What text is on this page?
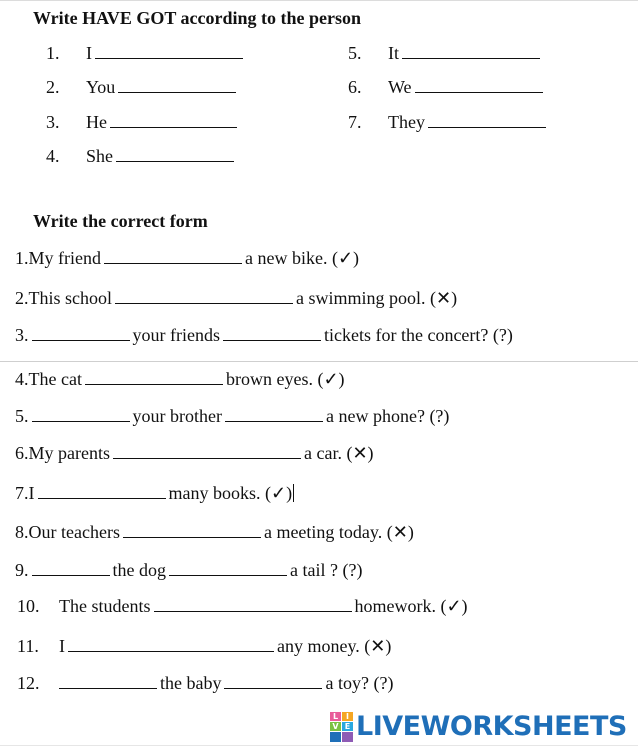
Write HAVE GOT according to the person
1. I
2. You
3. He
4. She
5. It
6. We
7. They
Write the correct form
1.My friend	a new bike. (✓)
2.This school	a swimming pool. (✕)
3.	your friends	tickets for the concert? (?)
4.The cat	brown eyes. (✓)
5.	your brother	a new phone? (?)
6.My parents	a car. (✕)
7.I	many books. (✓)
8.Our teachers	a meeting today. (✕)
9.	the dog	a tail ? (?)
10. The students	homework. (✓)
11. I	any money. (✕)
12.	the baby	a toy? (?)
L I
V E LIVEWORKSHEETS
